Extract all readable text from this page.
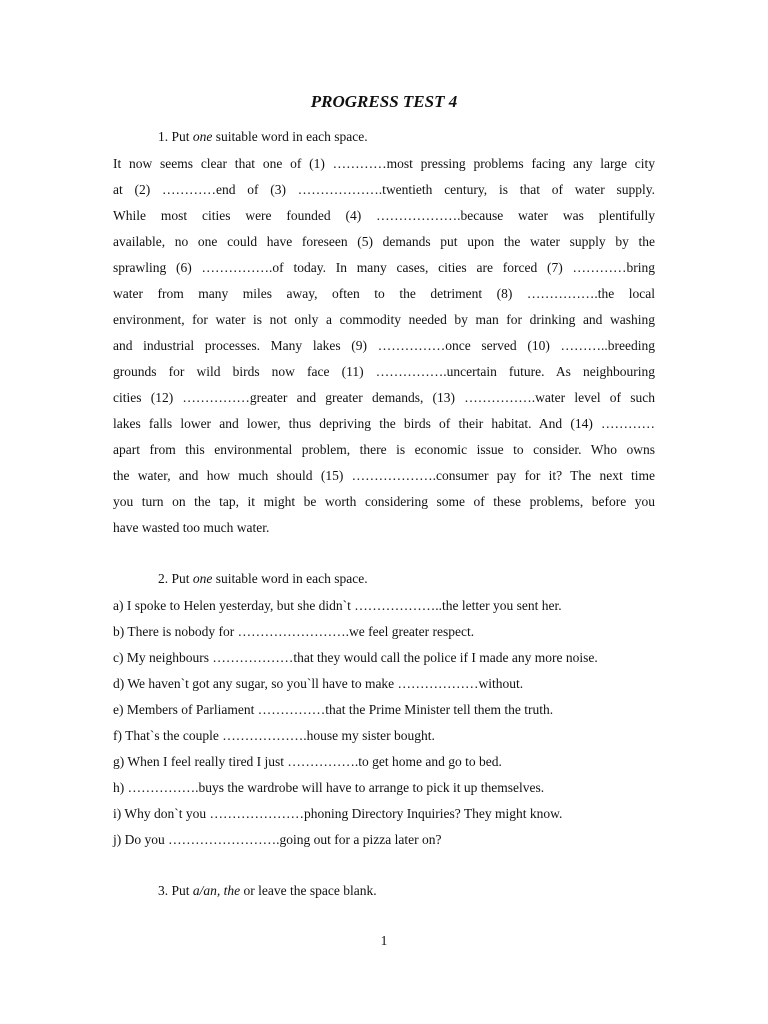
PROGRESS TEST 4
1. Put one suitable word in each space.
It now seems clear that one of (1) …………most pressing problems facing any large city
at (2) …………end of (3) ……………….twentieth century, is that of water supply.
While most cities were founded (4) ……………….because water was plentifully
available, no one could have foreseen (5) demands put upon the water supply by the
sprawling (6) …………….of today. In many cases, cities are forced (7) …………bring
water from many miles away, often to the detriment (8) …………….the local
environment, for water is not only a commodity needed by man for drinking and washing
and industrial processes. Many lakes (9) ……………once served (10) ………..breeding
grounds for wild birds now face (11) …………….uncertain future. As neighbouring
cities (12) ……………greater and greater demands, (13) …………….water level of such
lakes falls lower and lower, thus depriving the birds of their habitat. And (14) …………
apart from this environmental problem, there is economic issue to consider. Who owns
the water, and how much should (15) ……………….consumer pay for it? The next time
you turn on the tap, it might be worth considering some of these problems, before you
have wasted too much water.
2. Put one suitable word in each space.
a) I spoke to Helen yesterday, but she didn`t ………………..the letter you sent her.
b) There is nobody for …………………….we feel greater respect.
c) My neighbours ………………that they would call the police if I made any more noise.
d) We haven`t got any sugar, so you`ll have to make ………………without.
e) Members of Parliament ……………that the Prime Minister tell them the truth.
f) That`s the couple ……………….house my sister bought.
g) When I feel really tired I just …………….to get home and go to bed.
h) …………….buys the wardrobe will have to arrange to pick it up themselves.
i) Why don`t you …………………phoning Directory Inquiries? They might know.
j) Do you …………………….going out for a pizza later on?
3. Put a/an, the or leave the space blank.
1
